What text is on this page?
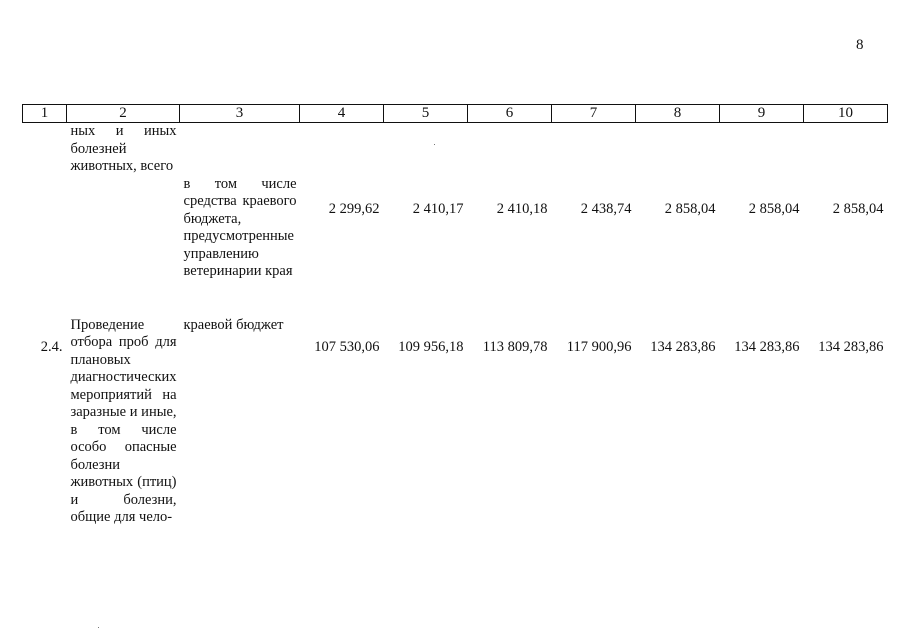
8
1	2	3	4	5	6	7	8	9	10
	ных и иных болезней животных, всего								
		в том числе средства краевого бюджета, предусмотренные управлению ветеринарии края	2 299,62	2 410,17	2 410,18	2 438,74	2 858,04	2 858,04	2 858,04
2.4.	Проведение отбора проб для плановых диагностических мероприятий на заразные и иные, в том числе особо опасные болезни животных (птиц) и болезни, общие для чело-	краевой бюджет	107 530,06	109 956,18	113 809,78	117 900,96	134 283,86	134 283,86	134 283,86
